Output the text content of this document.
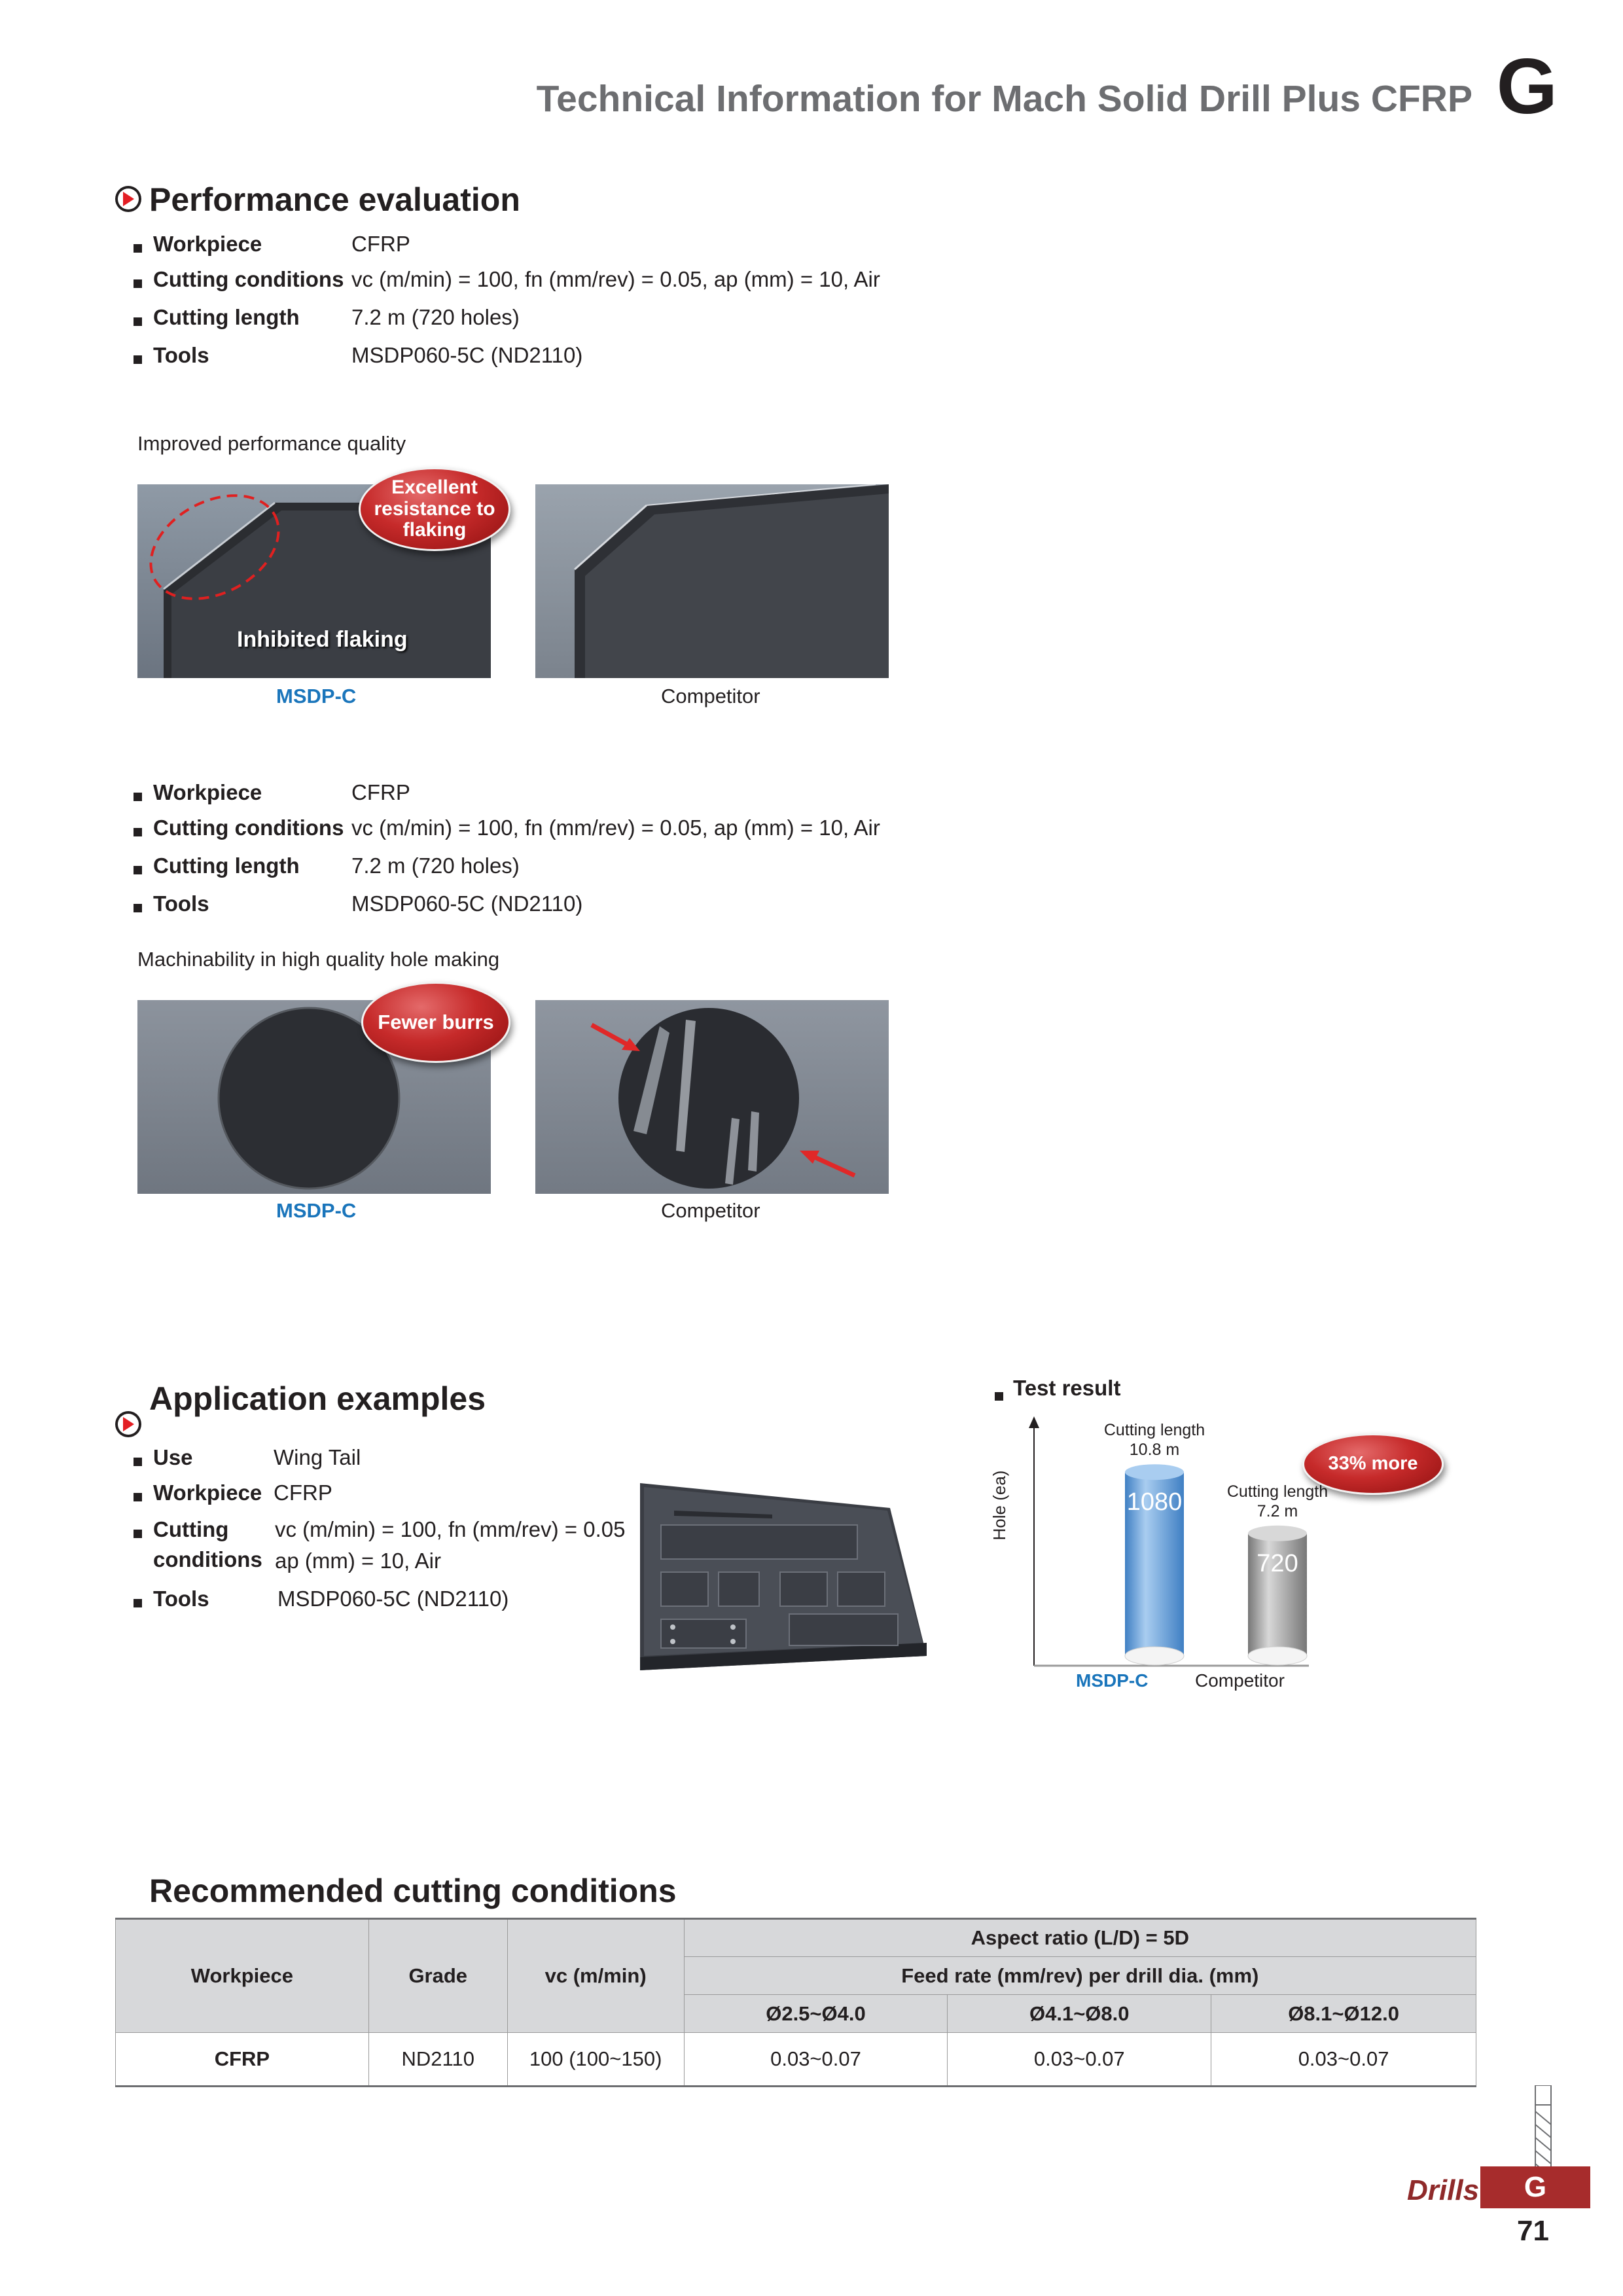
Technical Information for Mach Solid Drill Plus CFRP G
Performance evaluation
Workpiece	CFRP
Cutting conditions vc (m/min) = 100, fn (mm/rev) = 0.05, ap (mm) = 10, Air
Cutting length 7.2 m (720 holes)
Tools	MSDP060-5C (ND2110)
Improved performance quality
Inhibited flaking
Excellent resistance to flaking
MSDP-C	Competitor
Workpiece	CFRP
Cutting conditions vc (m/min) = 100, fn (mm/rev) = 0.05, ap (mm) = 10, Air
Cutting length 7.2 m (720 holes)
Tools	MSDP060-5C (ND2110)
Machinability in high quality hole making
Fewer burrs
MSDP-C	Competitor
Application examples
Use	Wing Tail
Workpiece CFRP
Cutting
conditions
vc (m/min) = 100, fn (mm/rev) = 0.05
ap (mm) = 10, Air
Tools	MSDP060-5C (ND2110)
Test result
Hole (ea)	1080
Cutting length
10.8 m
720
Cutting length
7.2 m
33% more
MSDP-C	Competitor
Recommended cutting conditions
Workpiece	Grade	vc (m/min)	Aspect ratio (L/D) = 5D		
			Feed rate (mm/rev) per drill dia. (mm)		
			Ø2.5~Ø4.0	Ø4.1~Ø8.0	Ø8.1~Ø12.0
CFRP	ND2110	100 (100~150)	0.03~0.07	0.03~0.07	0.03~0.07
Drills	G
71
